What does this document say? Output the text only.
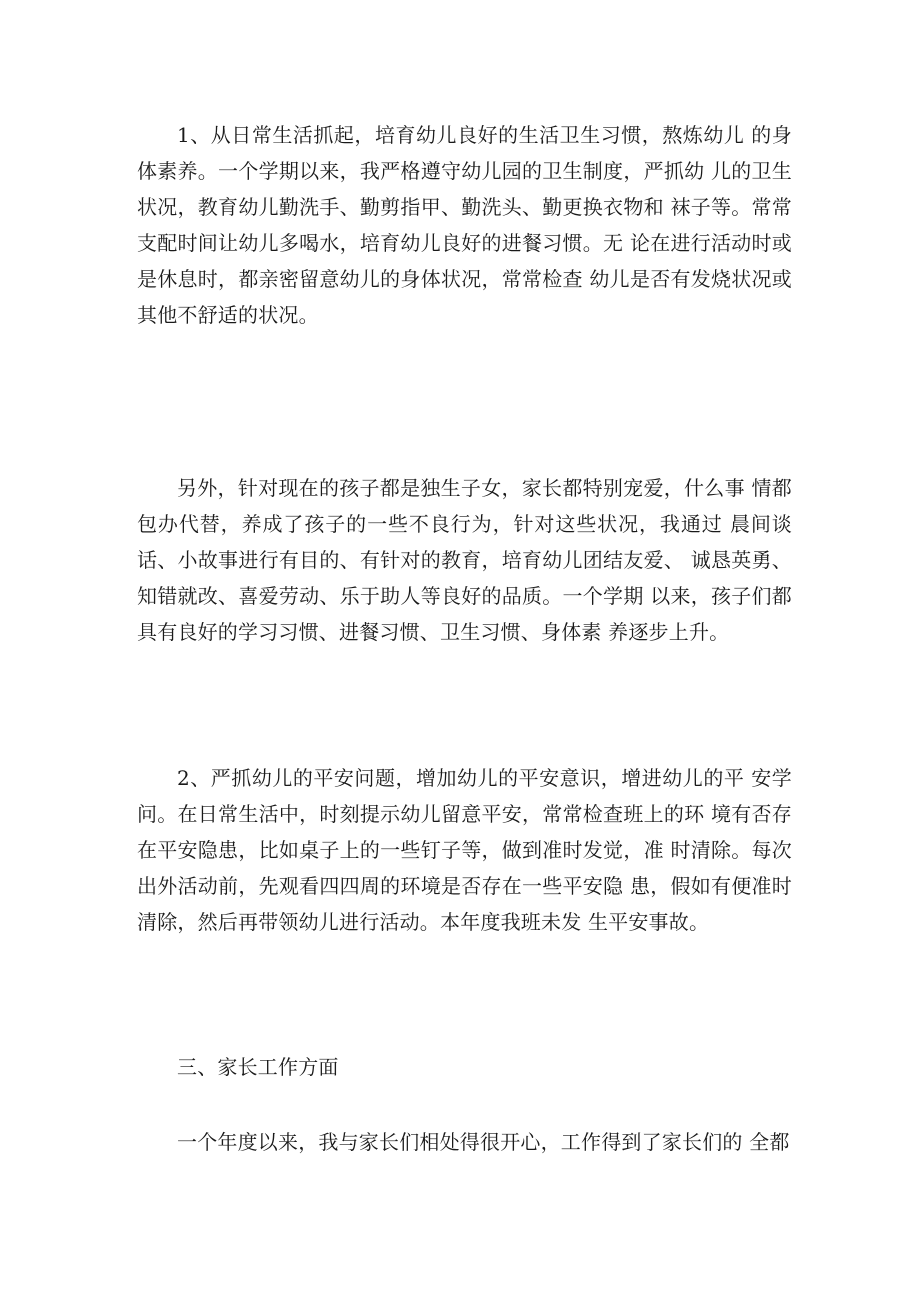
1、从日常生活抓起，培育幼儿良好的生活卫生习惯，熬炼幼儿 的身体素养。一个学期以来，我严格遵守幼儿园的卫生制度，严抓幼 儿的卫生状况，教育幼儿勤洗手、勤剪指甲、勤洗头、勤更换衣物和 袜子等。常常支配时间让幼儿多喝水，培育幼儿良好的进餐习惯。无 论在进行活动时或是休息时，都亲密留意幼儿的身体状况，常常检查 幼儿是否有发烧状况或其他不舒适的状况。

另外，针对现在的孩子都是独生子女，家长都特别宠爱，什么事 情都包办代替，养成了孩子的一些不良行为，针对这些状况，我通过 晨间谈话、小故事进行有目的、有针对的教育，培育幼儿团结友爱、 诚恳英勇、知错就改、喜爱劳动、乐于助人等良好的品质。一个学期 以来，孩子们都具有良好的学习习惯、进餐习惯、卫生习惯、身体素 养逐步上升。

2、严抓幼儿的平安问题，增加幼儿的平安意识，增进幼儿的平 安学问。在日常生活中，时刻提示幼儿留意平安，常常检查班上的环 境有否存在平安隐患，比如桌子上的一些钉子等，做到准时发觉，准 时清除。每次出外活动前，先观看四四周的环境是否存在一些平安隐 患，假如有便准时清除，然后再带领幼儿进行活动。本年度我班未发 生平安事故。

三、家长工作方面

一个年度以来，我与家长们相处得很开心，工作得到了家长们的 全都
